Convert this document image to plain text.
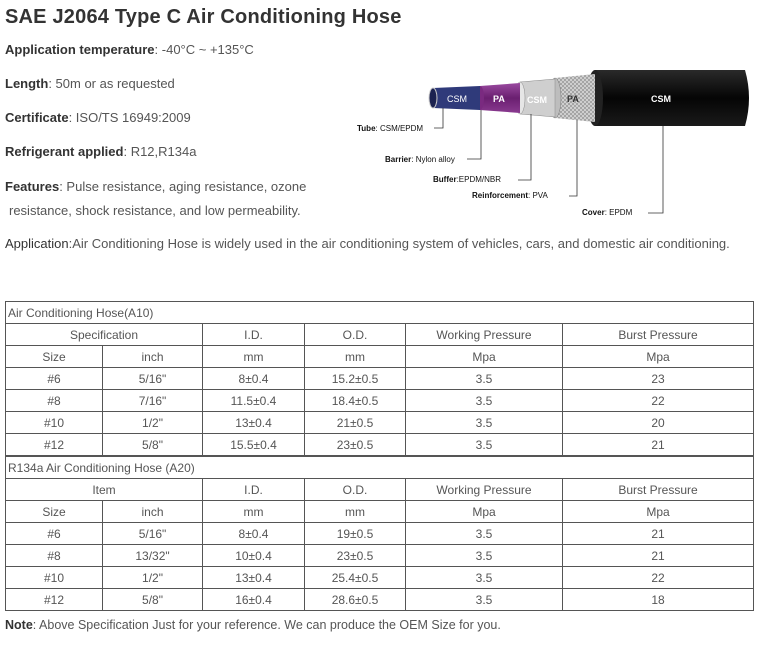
SAE J2064 Type C Air Conditioning Hose
Application temperature: -40°C ~ +135°C
Length: 50m or as requested
Certificate: ISO/TS 16949:2009
Refrigerant applied: R12,R134a
Features: Pulse resistance, aging resistance, ozone
resistance, shock resistance, and low permeability.
Application:Air Conditioning Hose is widely used in the air conditioning system of vehicles, cars, and domestic air conditioning.
CSM	PA CSM PA	CSM
Tube: CSM/EPDM
Barrier: Nylon alloy
Buffer:EPDM/NBR
Reinforcement: PVA
Cover: EPDM
Air Conditioning Hose(A10)					
Specification		I.D.	O.D.	Working Pressure	Burst Pressure
Size	inch	mm	mm	Mpa	Mpa
#6	5/16"	8±0.4	15.2±0.5	3.5	23
#8	7/16"	11.5±0.4	18.4±0.5	3.5	22
#10	1/2"	13±0.4	21±0.5	3.5	20
#12	5/8"	15.5±0.4	23±0.5	3.5	21
R134a Air Conditioning Hose (A20)					
Item		I.D.	O.D.	Working Pressure	Burst Pressure
Size	inch	mm	mm	Mpa	Mpa
#6	5/16"	8±0.4	19±0.5	3.5	21
#8	13/32"	10±0.4	23±0.5	3.5	21
#10	1/2"	13±0.4	25.4±0.5	3.5	22
#12	5/8"	16±0.4	28.6±0.5	3.5	18
Note: Above Specification Just for your reference. We can produce the OEM Size for you.
